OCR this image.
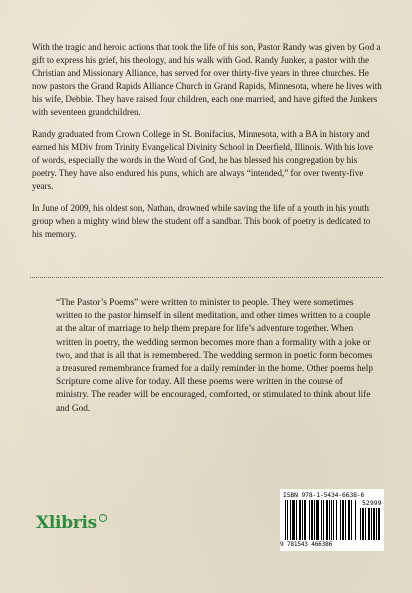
With the tragic and heroic actions that took the life of his son, Pastor Randy was given by God a gift to express his grief, his theology, and his walk with God. Randy Junker, a pastor with the Christian and Missionary Alliance, has served for over thirty-five years in three churches. He now pastors the Grand Rapids Alliance Church in Grand Rapids, Minnesota, where he lives with his wife, Debbie. They have raised four children, each one married, and have gifted the Junkers with seventeen grandchildren.

Randy graduated from Crown College in St. Bonifacius, Minnesota, with a BA in history and earned his MDiv from Trinity Evangelical Divinity School in Deerfield, Illinois. With his love of words, especially the words in the Word of God, he has blessed his congregation by his poetry. They have also endured his puns, which are always “intended,” for over twenty-five years.

In June of 2009, his oldest son, Nathan, drowned while saving the life of a youth in his youth group when a mighty wind blew the student off a sandbar. This book of poetry is dedicated to his memory.

“The Pastor’s Poems” were written to minister to people. They were sometimes written to the pastor himself in silent meditation, and other times written to a couple at the altar of marriage to help them prepare for life’s adventure together. When written in poetry, the wedding sermon becomes more than a formality with a joke or two, and that is all that is remembered. The wedding sermon in poetic form becomes a treasured remembrance framed for a daily reminder in the home. Other poems help Scripture come alive for today. All these poems were written in the course of ministry. The reader will be encouraged, comforted, or stimulated to think about life and God.

Xlibris
ISBN 978-1-5434-6638-6
52999
9 781543 466386
